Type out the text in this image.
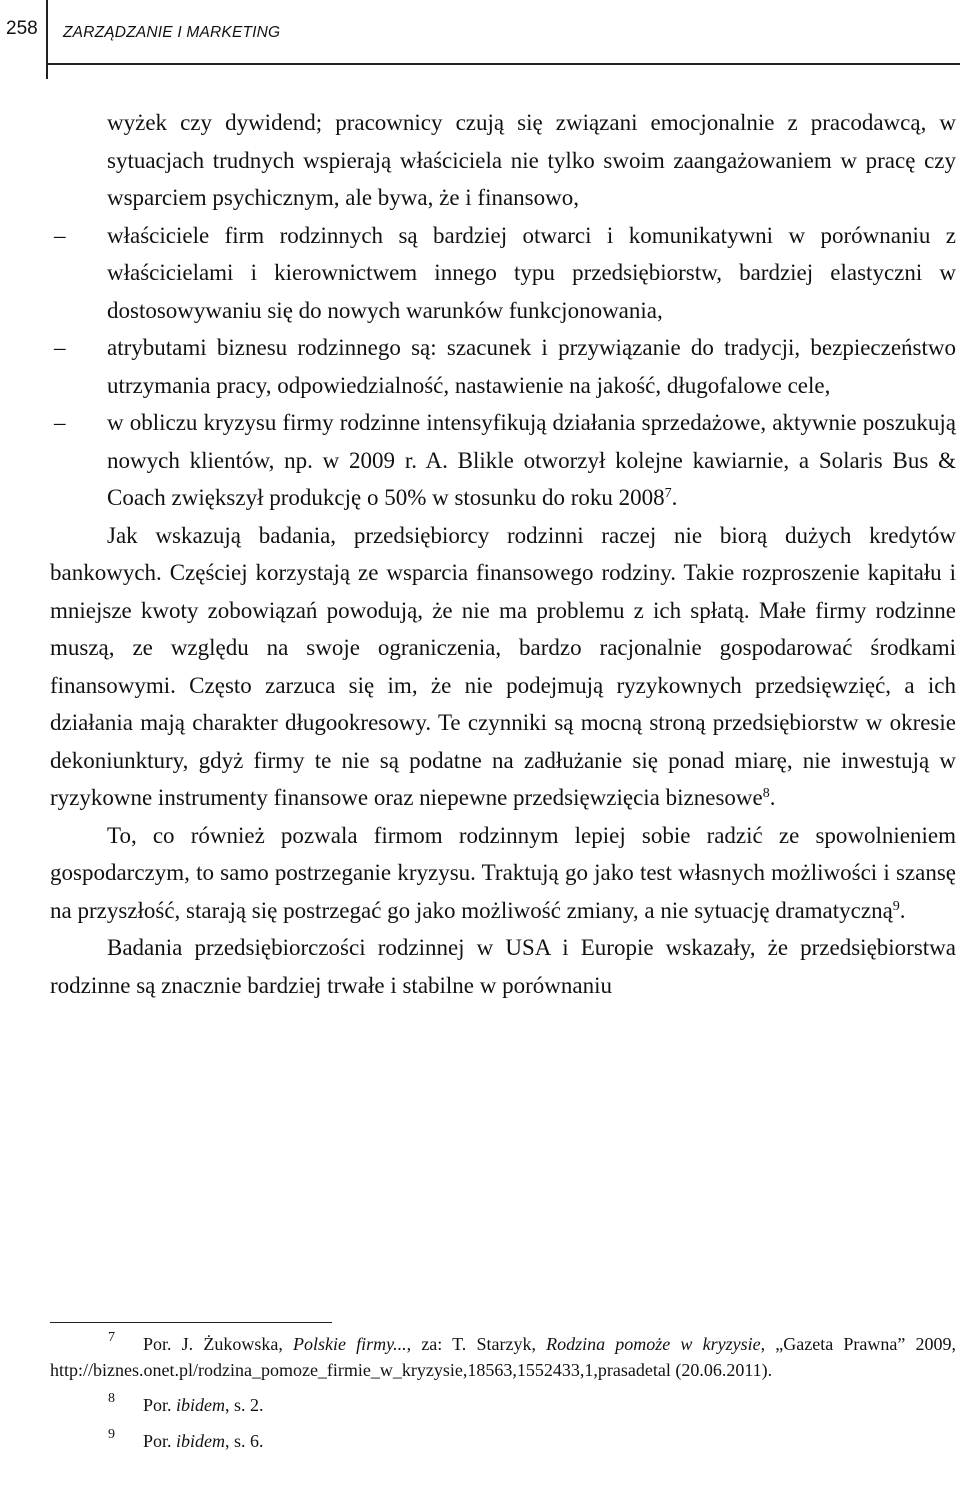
258 ZARZĄDZANIE I MARKETING

wyżek czy dywidend; pracownicy czują się związani emocjonalnie z pracodawcą, w sytuacjach trudnych wspierają właściciela nie tylko swoim zaangażowaniem w pracę czy wsparciem psychicznym, ale bywa, że i finansowo,

– właściciele firm rodzinnych są bardziej otwarci i komunikatywni w porównaniu z właścicielami i kierownictwem innego typu przedsiębiorstw, bardziej elastyczni w dostosowywaniu się do nowych warunków funkcjonowania,
– atrybutami biznesu rodzinnego są: szacunek i przywiązanie do tradycji, bezpieczeństwo utrzymania pracy, odpowiedzialność, nastawienie na jakość, długofalowe cele,
– w obliczu kryzysu firmy rodzinne intensyfikują działania sprzedażowe, aktywnie poszukują nowych klientów, np. w 2009 r. A. Blikle otworzył kolejne kawiarnie, a Solaris Bus & Coach zwiększył produkcję o 50% w stosunku do roku 2008$^7$.

Jak wskazują badania, przedsiębiorcy rodzinni raczej nie biorą dużych kredytów bankowych. Częściej korzystają ze wsparcia finansowego rodziny. Takie rozproszenie kapitału i mniejsze kwoty zobowiązań powodują, że nie ma problemu z ich spłatą. Małe firmy rodzinne muszą, ze względu na swoje ograniczenia, bardzo racjonalnie gospodarować środkami finansowymi. Często zarzuca się im, że nie podejmują ryzykownych przedsięwzięć, a ich działania mają charakter długookresowy. Te czynniki są mocną stroną przedsiębiorstw w okresie dekoniunktury, gdyż firmy te nie są podatne na zadłużanie się ponad miarę, nie inwestują w ryzykowne instrumenty finansowe oraz niepewne przedsięwzięcia biznesowe$^8$.

To, co również pozwala firmom rodzinnym lepiej sobie radzić ze spowolnieniem gospodarczym, to samo postrzeganie kryzysu. Traktują go jako test własnych możliwości i szansę na przyszłość, starają się postrzegać go jako możliwość zmiany, a nie sytuację dramatyczną$^9$.

Badania przedsiębiorczości rodzinnej w USA i Europie wskazały, że przedsiębiorstwa rodzinne są znacznie bardziej trwałe i stabilne w porównaniu

7 Por. J. Żukowska, Polskie firmy..., za: T. Starzyk, Rodzina pomoże w kryzysie, „Gazeta Prawna” 2009, http://biznes.onet.pl/rodzina_pomoze_firmie_w_kryzysie,18563,1552433,1,prasadetal (20.06.2011).

8 Por. ibidem, s. 2.

9 Por. ibidem, s. 6.
